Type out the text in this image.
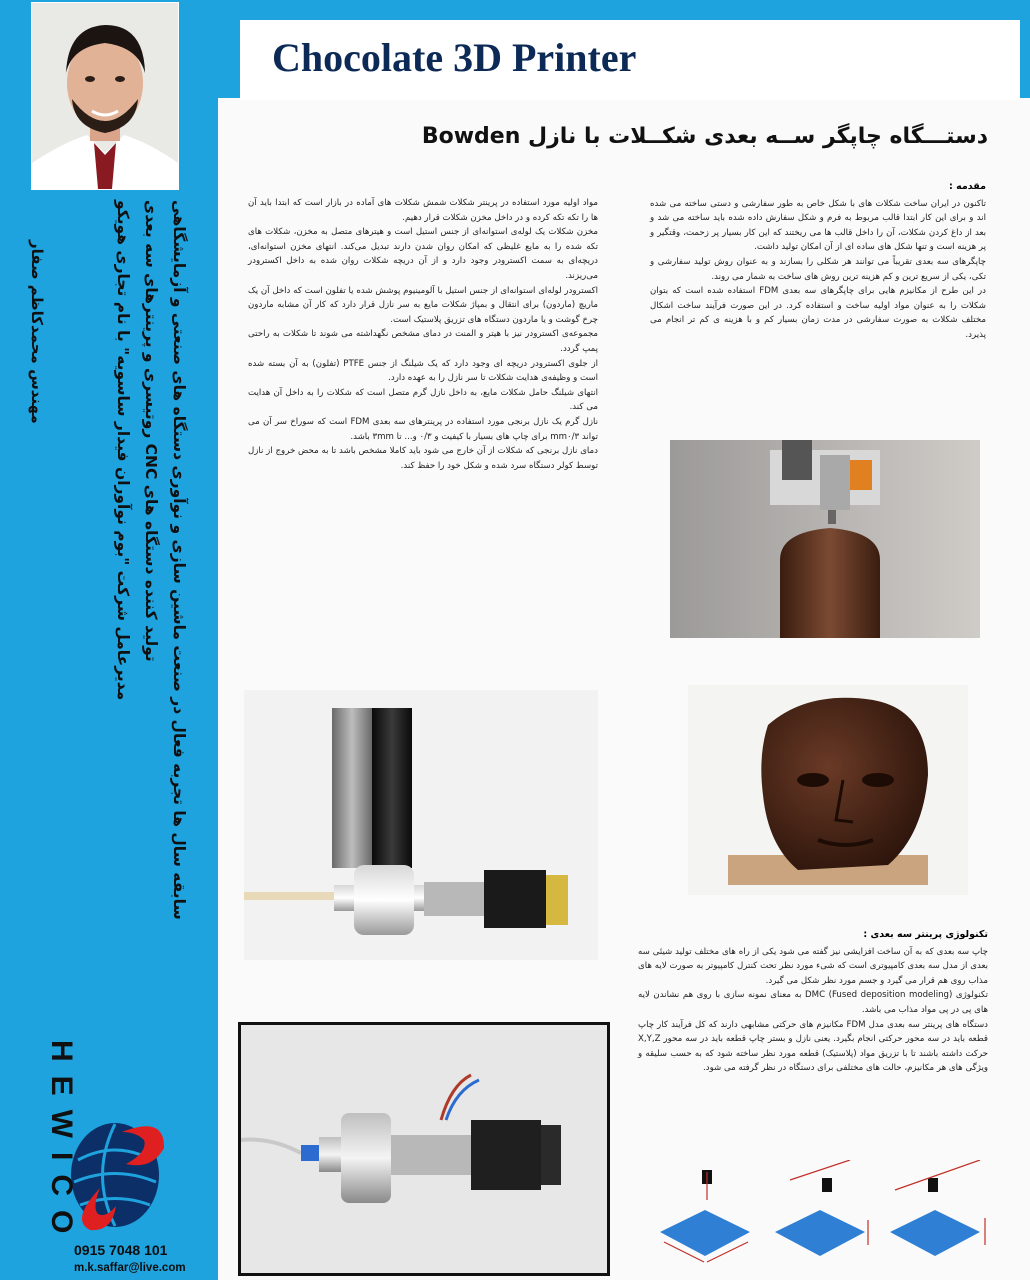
مهندس محمدکاظم صفار	مدیرعامل شرکت "بوم نوآوران فیدار ساسویه" با نام تجاری هویکو تولید کننده دستگاه های CNC روتیسری و پرینترهای سه بعدی سابقه سال ها تجربه فعال در صنعت ماشین سازی و نوآوری دستگاه های صنعتی و آزمایشگاهی
HEWICO
0915 7048 101
m.k.saffar@live.com
Chocolate 3D Printer
دستـــگاه چاپگر ســه بعدی شکــلات با نازل Bowden
مقدمه :

تاکنون در ایران ساخت شکلات های با شکل خاص به طور سفارشی و دستی ساخته می شده اند و برای این کار ابتدا قالب مربوط به فرم و شکل سفارش داده شده باید ساخته می شد و بعد از داغ کردن شکلات، آن را داخل قالب ها می ریختند که این کار بسیار پر زحمت، وقتگیر و پر هزینه است و تنها شکل های ساده ای از آن امکان تولید داشت.

چاپگرهای سه بعدی تقریباً می توانند هر شکلی را بسازند و به عنوان روش تولید سفارشی و تکی، یکی از سریع ترین و کم هزینه ترین روش های ساخت به شمار می روند.

در این طرح از مکانیزم هایی برای چاپگرهای سه بعدی FDM استفاده شده است که بتوان شکلات را به عنوان مواد اولیه ساخت و استفاده کرد. در این صورت فرآیند ساخت اشکال مختلف شکلات به صورت سفارشی در مدت زمان بسیار کم و با هزینه ی کم تر انجام می پذیرد.

مواد اولیه مورد استفاده در پرینتر شکلات شمش شکلات های آماده در بازار است که ابتدا باید آن ها را تکه تکه کرده و در داخل مخزن شکلات قرار دهیم.

مخزن شکلات یک لوله‌ی استوانه‌ای از جنس استیل است و هیترهای متصل به مخزن، شکلات های تکه شده را به مایع غلیظی که امکان روان شدن دارند تبدیل می‌کند. انتهای مخزن استوانه‌ای، دریچه‌ای به سمت اکسترودر وجود دارد و از آن دریچه شکلات روان شده به داخل اکسترودر می‌ریزند.

اکسترودر لوله‌ای استوانه‌ای از جنس استیل با آلومینیوم پوشش شده یا تفلون است که داخل آن یک ماریچ (ماردون) برای انتقال و بمپاژ شکلات مایع به سر نازل قرار دارد که کار آن مشابه ماردون چرخ گوشت و یا ماردون دستگاه های تزریق پلاستیک است.

مجموعه‌ی اکسترودر نیز با هیتر و المنت در دمای مشخص نگهداشته می شوند تا شکلات به راحتی پمپ گردد.

از جلوی اکسترودر دریچه ای وجود دارد که یک شیلنگ از جنس PTFE (تفلون) به آن بسته شده است و وظیفه‌ی هدایت شکلات تا سر نازل را به عهده دارد.

انتهای شیلنگ حامل شکلات مایع، به داخل نازل گرم متصل است که شکلات را به داخل آن هدایت می کند.

نازل گرم یک نازل برنجی مورد استفاده در پرینترهای سه بعدی FDM است که سوراخ سر آن می تواند mm۰/۳ برای چاپ های بسیار با کیفیت و ۰/۳ و... تا ۳mm باشد.

دمای نازل برنجی که شکلات از آن خارج می شود باید کاملا مشخص باشد تا به محض خروج از نازل توسط کولر دستگاه سرد شده و شکل خود را حفظ کند.

تکنولوژی پرینتر سه بعدی :

چاپ سه بعدی که به آن ساخت افزایشی نیز گفته می شود یکی از راه های مختلف تولید شیئی سه بعدی از مدل سه بعدی کامپیوتری است که شیء مورد نظر تحت کنترل کامپیوتر به صورت لایه های مذاب روی هم قرار می گیرد و جسم مورد نظر شکل می گیرد.

تکنولوژی DMC (Fused deposition modeling) به معنای نمونه سازی با روی هم نشاندن لایه های پی در پی مواد مذاب می باشد.

دستگاه های پرینتر سه بعدی مدل FDM مکانیزم های حرکتی مشابهی دارند که کل فرآیند کار چاپ قطعه باید در سه محور حرکتی انجام بگیرد. یعنی نازل و بستر چاپ قطعه باید در سه محور X,Y,Z حرکت داشته باشند تا با تزریق مواد (پلاستیک) قطعه مورد نظر ساخته شود که به حسب سلیقه و ویژگی های هر مکانیزم، حالت های مختلفی برای دستگاه در نظر گرفته می شود.
